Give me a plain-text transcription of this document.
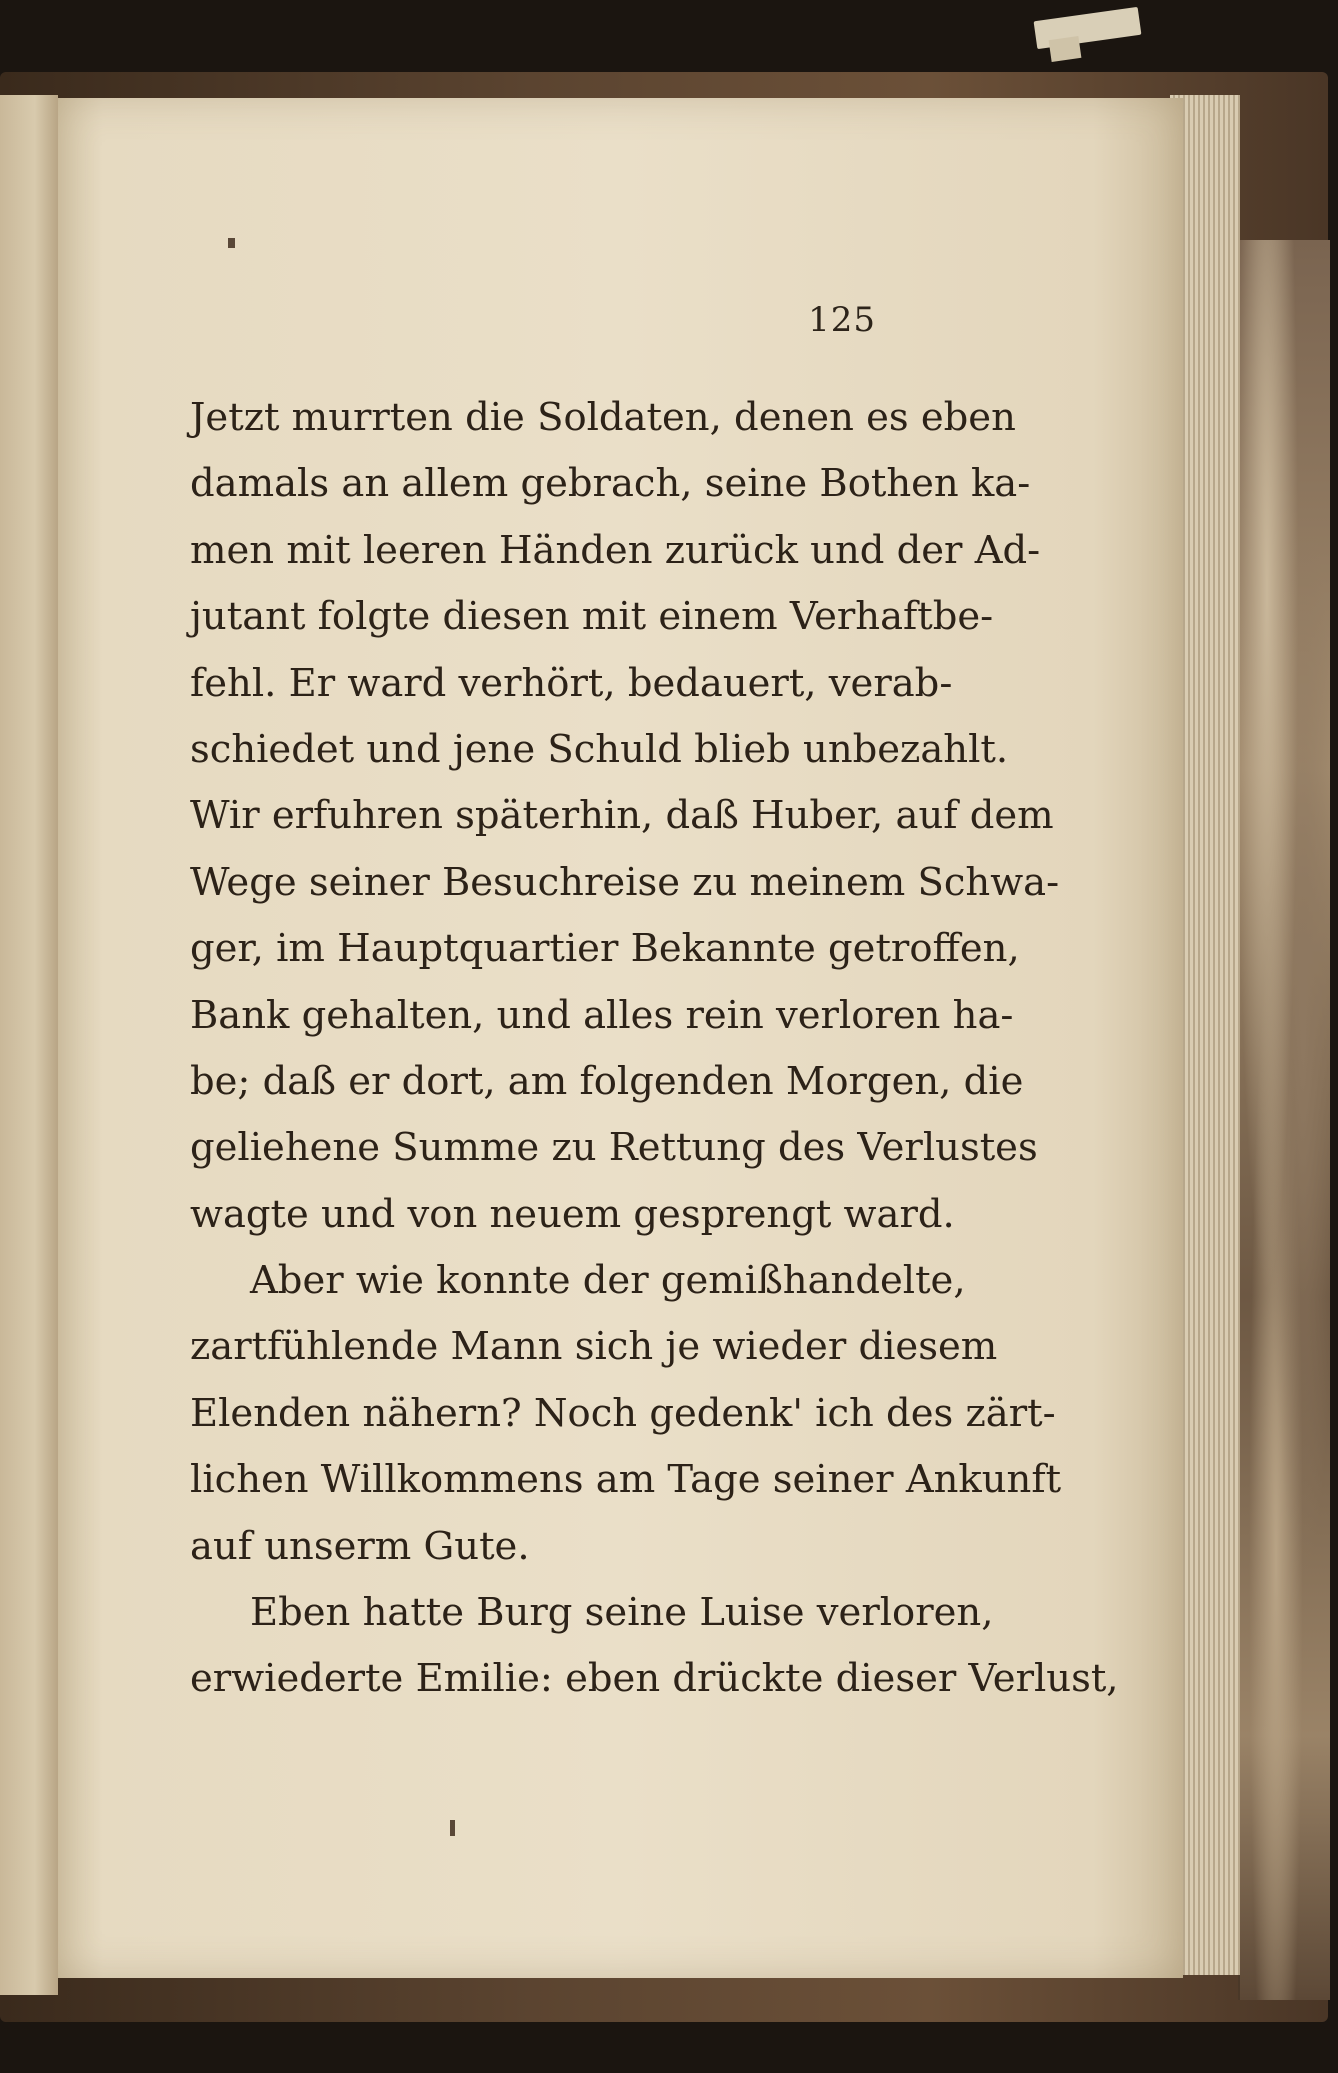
125
Jetzt murrten die Soldaten, denen es eben
damals an allem gebrach, seine Bothen ka-
men mit leeren Händen zurück und der Ad-
jutant folgte diesen mit einem Verhaftbe-
fehl. Er ward verhört, bedauert, verab-
schiedet und jene Schuld blieb unbezahlt.
Wir erfuhren späterhin, daß Huber, auf dem
Wege seiner Besuchreise zu meinem Schwa-
ger, im Hauptquartier Bekannte getroffen,
Bank gehalten, und alles rein verloren ha-
be; daß er dort, am folgenden Morgen, die
geliehene Summe zu Rettung des Verlustes
wagte und von neuem gesprengt ward.
Aber wie konnte der gemißhandelte,
zartfühlende Mann sich je wieder diesem
Elenden nähern? Noch gedenk' ich des zärt-
lichen Willkommens am Tage seiner Ankunft
auf unserm Gute.
Eben hatte Burg seine Luise verloren,
erwiederte Emilie: eben drückte dieser Verlust,
